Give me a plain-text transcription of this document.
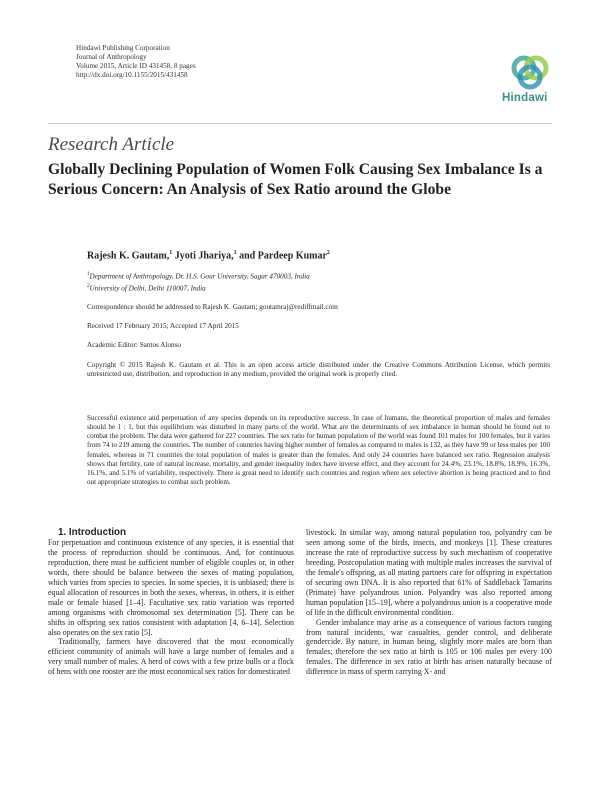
Hindawi Publishing Corporation
Journal of Anthropology
Volume 2015, Article ID 431458, 8 pages
http://dx.doi.org/10.1155/2015/431458
Hindawi
Research Article
Globally Declining Population of Women Folk Causing Sex Imbalance Is a Serious Concern: An Analysis of Sex Ratio around the Globe
Rajesh K. Gautam,$^1$ Jyoti Jhariya,$^1$ and Pardeep Kumar$^2$
$^1$Department of Anthropology, Dr. H.S. Gour University, Sagar 470003, India
$^2$University of Delhi, Delhi 110007, India
Correspondence should be addressed to Rajesh K. Gautam; goutamraj@rediffmail.com
Received 17 February 2015; Accepted 17 April 2015
Academic Editor: Santos Alonso
Copyright © 2015 Rajesh K. Gautam et al. This is an open access article distributed under the Creative Commons Attribution License, which permits unrestricted use, distribution, and reproduction in any medium, provided the original work is properly cited.
Successful existence and perpetuation of any species depends on its reproductive success. In case of humans, the theoretical proportion of males and females should be 1 : 1, but this equilibrium was disturbed in many parts of the world. What are the determinants of sex imbalance in human should be found out to combat the problem. The data were gathered for 227 countries. The sex ratio for human population of the world was found 101 males for 100 females, but it varies from 74 to 219 among the countries. The number of countries having higher number of females as compared to males is 132, as they have 99 or less males per 100 females, whereas in 71 countries the total population of males is greater than the females. And only 24 countries have balanced sex ratio. Regression analysis shows that fertility, rate of natural increase, mortality, and gender inequality index have inverse effect, and they account for 24.4%, 23.1%, 18.8%, 18.9%, 16.3%, 16.1%, and 5.1% of variability, respectively. There is great need to identify such countries and region where sex selective abortion is being practiced and to find out appropriate strategies to combat such problem.

1. Introduction

For perpetuation and continuous existence of any species, it is essential that the process of reproduction should be continuous. And, for continuous reproduction, there must be sufficient number of eligible couples or, in other words, there should be balance between the sexes of mating population, which varies from species to species. In some species, it is unbiased; there is equal allocation of resources in both the sexes, whereas, in others, it is either male or female biased [1–4]. Facultative sex ratio variation was reported among organisms with chromosomal sex determination [5]. There can be shifts in offspring sex ratios consistent with adaptation [4, 6–14]. Selection also operates on the sex ratio [5].

Traditionally, farmers have discovered that the most economically efficient community of animals will have a large number of females and a very small number of males. A herd of cows with a few prize bulls or a flock of hens with one rooster are the most economical sex ratios for domesticated

livestock. In similar way, among natural population too, polyandry can be seen among some of the birds, insects, and monkeys [1]. These creatures increase the rate of reproductive success by such mechanism of cooperative breeding. Postcopulation mating with multiple males increases the survival of the female's offspring, as all mating partners care for offspring in expectation of securing own DNA. It is also reported that 61% of Saddleback Tamarins (Primate) have polyandrous union. Polyandry was also reported among human population [15–19], where a polyandrous union is a cooperative mode of life in the difficult environmental condition.

Gender imbalance may arise as a consequence of various factors ranging from natural incidents, war casualties, gender control, and deliberate gendercide. By nature, in human being, slightly more males are born than females; therefore the sex ratio at birth is 105 or 106 males per every 100 females. The difference in sex ratio at birth has arisen naturally because of difference in mass of sperm carrying X- and
